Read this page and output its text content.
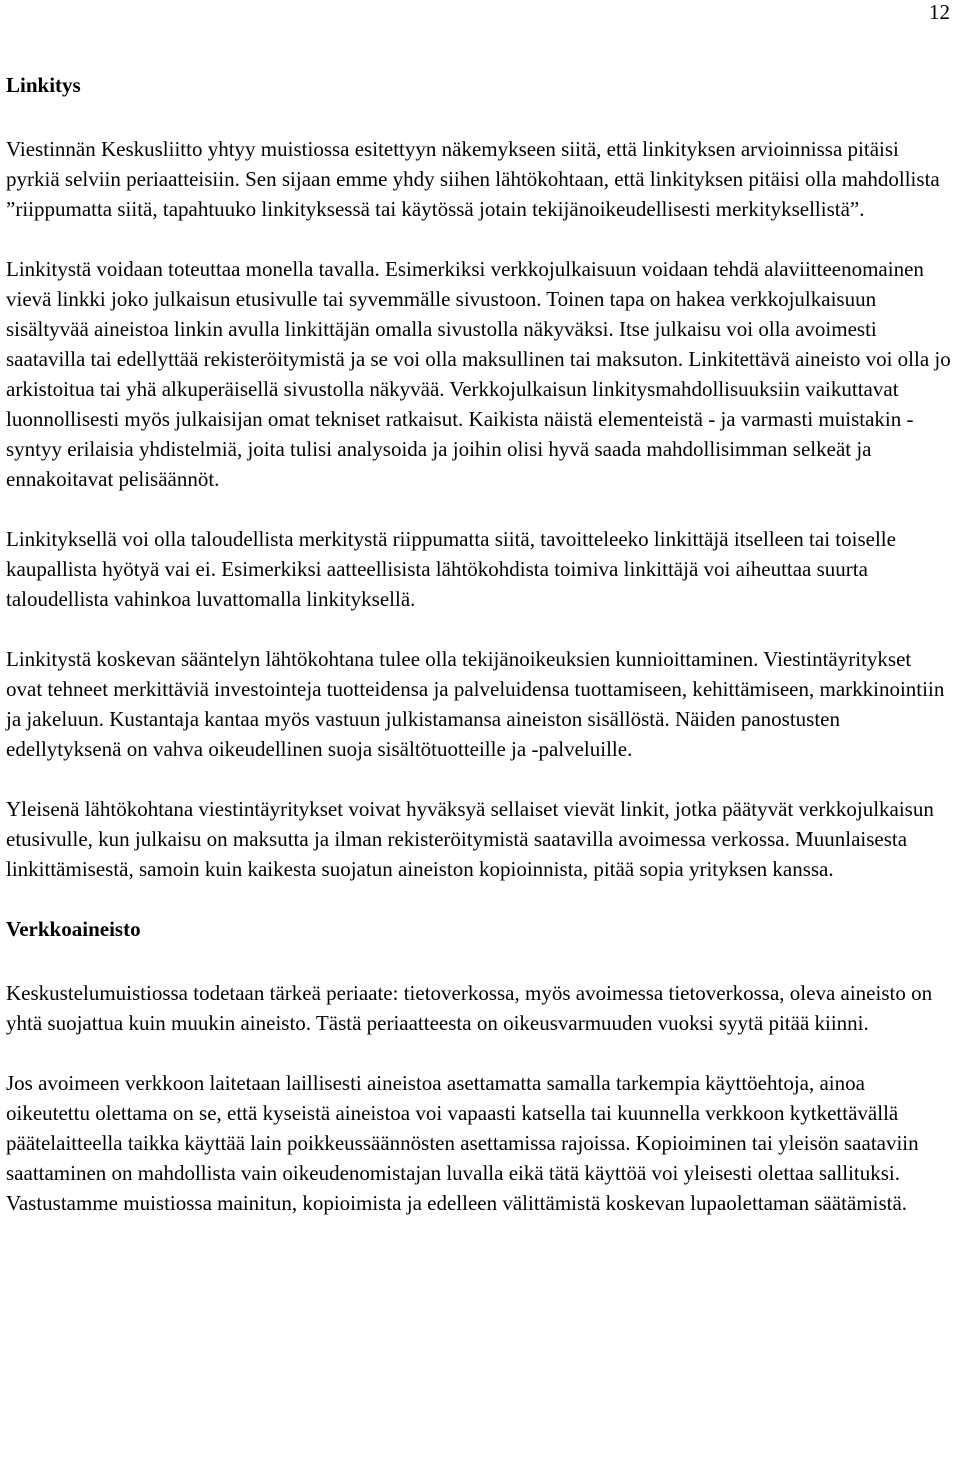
12
Linkitys

Viestinnän Keskusliitto yhtyy muistiossa esitettyyn näkemykseen siitä, että linkityksen arvioinnissa pitäisi pyrkiä selviin periaatteisiin. Sen sijaan emme yhdy siihen lähtökohtaan, että linkityksen pitäisi olla mahdollista ”riippumatta siitä, tapahtuuko linkityksessä tai käytössä jotain tekijänoikeudellisesti merkityksellistä”.

Linkitystä voidaan toteuttaa monella tavalla. Esimerkiksi verkkojulkaisuun voidaan tehdä alaviitteenomainen vievä linkki joko julkaisun etusivulle tai syvemmälle sivustoon. Toinen tapa on hakea verkkojulkaisuun sisältyvää aineistoa linkin avulla linkittäjän omalla sivustolla näkyväksi. Itse julkaisu voi olla avoimesti saatavilla tai edellyttää rekisteröitymistä ja se voi olla maksullinen tai maksuton. Linkitettävä aineisto voi olla jo arkistoitua tai yhä alkuperäisellä sivustolla näkyvää. Verkkojulkaisun linkitysmahdollisuuksiin vaikuttavat luonnollisesti myös julkaisijan omat tekniset ratkaisut. Kaikista näistä elementeistä - ja varmasti muistakin - syntyy erilaisia yhdistelmiä, joita tulisi analysoida ja joihin olisi hyvä saada mahdollisimman selkeät ja ennakoitavat pelisäännöt.

Linkityksellä voi olla taloudellista merkitystä riippumatta siitä, tavoitteleeko linkittäjä itselleen tai toiselle kaupallista hyötyä vai ei. Esimerkiksi aatteellisista lähtökohdista toimiva linkittäjä voi aiheuttaa suurta taloudellista vahinkoa luvattomalla linkityksellä.

Linkitystä koskevan sääntelyn lähtökohtana tulee olla tekijänoikeuksien kunnioittaminen. Viestintäyritykset ovat tehneet merkittäviä investointeja tuotteidensa ja palveluidensa tuottamiseen, kehittämiseen, markkinointiin ja jakeluun. Kustantaja kantaa myös vastuun julkistamansa aineiston sisällöstä. Näiden panostusten edellytyksenä on vahva oikeudellinen suoja sisältötuotteille ja -palveluille.

Yleisenä lähtökohtana viestintäyritykset voivat hyväksyä sellaiset vievät linkit, jotka päätyvät verkkojulkaisun etusivulle, kun julkaisu on maksutta ja ilman rekisteröitymistä saatavilla avoimessa verkossa. Muunlaisesta linkittämisestä, samoin kuin kaikesta suojatun aineiston kopioinnista, pitää sopia yrityksen kanssa.

Verkkoaineisto

Keskustelumuistiossa todetaan tärkeä periaate: tietoverkossa, myös avoimessa tietoverkossa, oleva aineisto on yhtä suojattua kuin muukin aineisto. Tästä periaatteesta on oikeusvarmuuden vuoksi syytä pitää kiinni.

Jos avoimeen verkkoon laitetaan laillisesti aineistoa asettamatta samalla tarkempia käyttöehtoja, ainoa oikeutettu olettama on se, että kyseistä aineistoa voi vapaasti katsella tai kuunnella verkkoon kytkettävällä päätelaitteella taikka käyttää lain poikkeussäännösten asettamissa rajoissa. Kopioiminen tai yleisön saataviin saattaminen on mahdollista vain oikeudenomistajan luvalla eikä tätä käyttöä voi yleisesti olettaa sallituksi. Vastustamme muistiossa mainitun, kopioimista ja edelleen välittämistä koskevan lupaolettaman säätämistä.
